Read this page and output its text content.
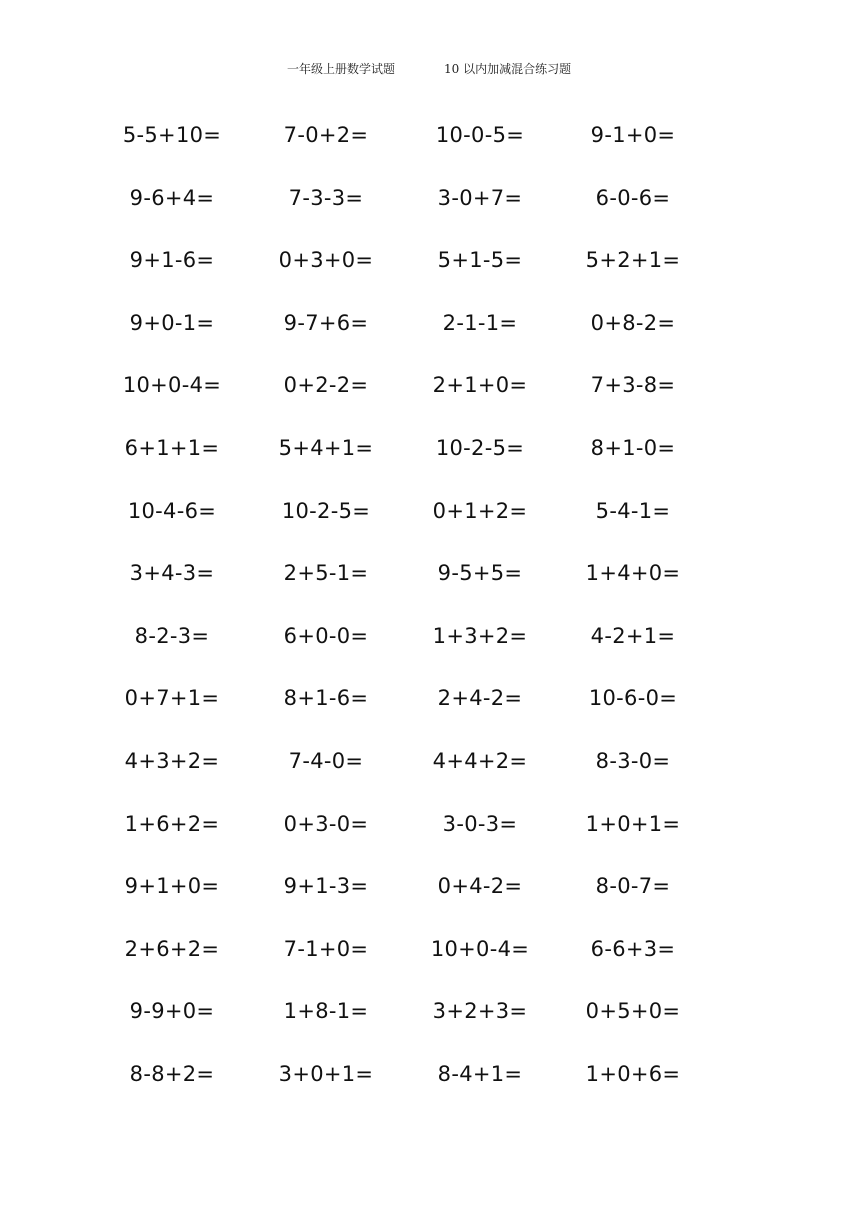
一年级上册数学试题	10 以内加减混合练习题
5-5+10=	7-0+2=	10-0-5=	9-1+0=
9-6+4=	7-3-3=	3-0+7=	6-0-6=
9+1-6=	0+3+0=	5+1-5=	5+2+1=
9+0-1=	9-7+6=	2-1-1=	0+8-2=
10+0-4=	0+2-2=	2+1+0=	7+3-8=
6+1+1=	5+4+1=	10-2-5=	8+1-0=
10-4-6=	10-2-5=	0+1+2=	5-4-1=
3+4-3=	2+5-1=	9-5+5=	1+4+0=
8-2-3=	6+0-0=	1+3+2=	4-2+1=
0+7+1=	8+1-6=	2+4-2=	10-6-0=
4+3+2=	7-4-0=	4+4+2=	8-3-0=
1+6+2=	0+3-0=	3-0-3=	1+0+1=
9+1+0=	9+1-3=	0+4-2=	8-0-7=
2+6+2=	7-1+0=	10+0-4=	6-6+3=
9-9+0=	1+8-1=	3+2+3=	0+5+0=
8-8+2=	3+0+1=	8-4+1=	1+0+6=
